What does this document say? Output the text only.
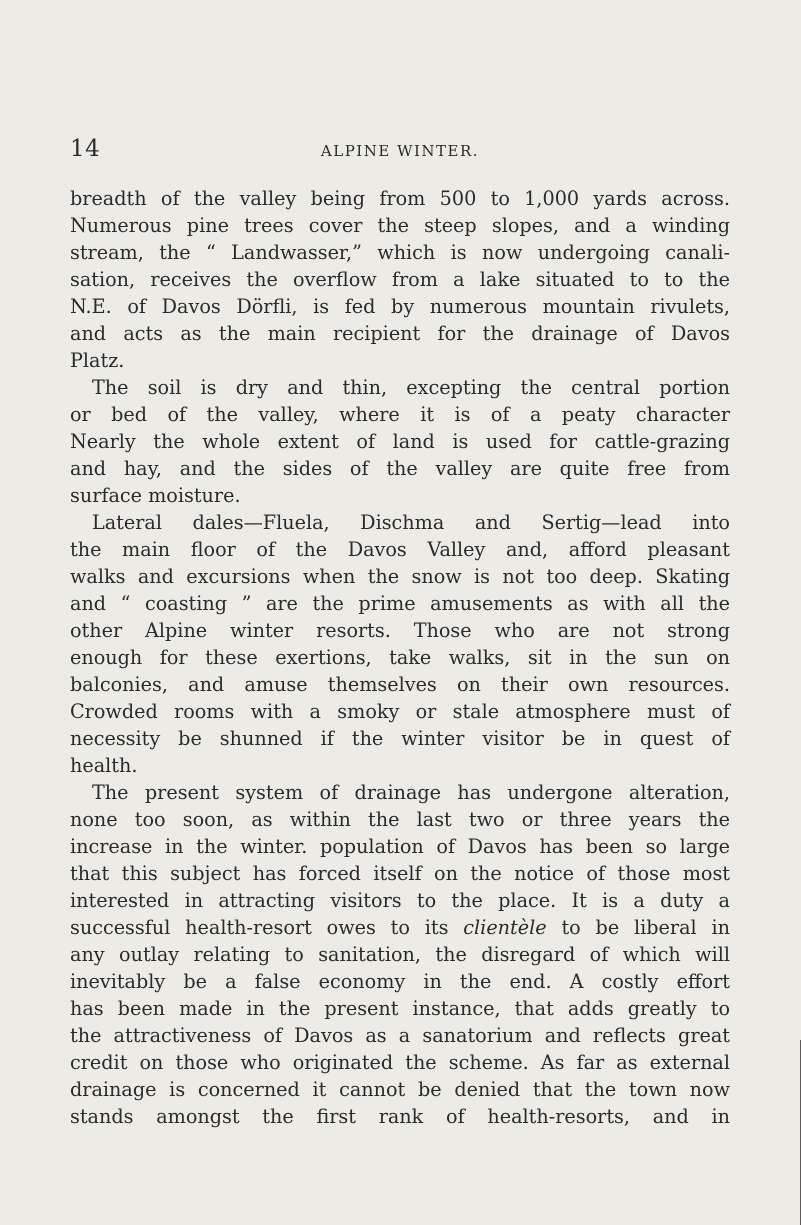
14	ALPINE WINTER.
breadth of the valley being from 500 to 1,000 yards across.
Numerous pine trees cover the steep slopes, and a winding
stream, the “ Landwasser,” which is now undergoing canali-
sation, receives the overflow from a lake situated to to the
N.E. of Davos Dörfli, is fed by numerous mountain rivulets,
and acts as the main recipient for the drainage of Davos
Platz.
The soil is dry and thin, excepting the central portion
or bed of the valley, where it is of a peaty character
Nearly the whole extent of land is used for cattle-grazing
and hay, and the sides of the valley are quite free from
surface moisture.
Lateral dales—Fluela, Dischma and Sertig—lead into
the main floor of the Davos Valley and, afford pleasant
walks and excursions when the snow is not too deep. Skating
and “ coasting ” are the prime amusements as with all the
other Alpine winter resorts. Those who are not strong
enough for these exertions, take walks, sit in the sun on
balconies, and amuse themselves on their own resources.
Crowded rooms with a smoky or stale atmosphere must of
necessity be shunned if the winter visitor be in quest of
health.
The present system of drainage has undergone alteration,
none too soon, as within the last two or three years the
increase in the winter. population of Davos has been so large
that this subject has forced itself on the notice of those most
interested in attracting visitors to the place. It is a duty a
successful health-resort owes to its clientèle to be liberal in
any outlay relating to sanitation, the disregard of which will
inevitably be a false economy in the end. A costly effort
has been made in the present instance, that adds greatly to
the attractiveness of Davos as a sanatorium and reflects great
credit on those who originated the scheme. As far as external
drainage is concerned it cannot be denied that the town now
stands amongst the first rank of health-resorts, and in
